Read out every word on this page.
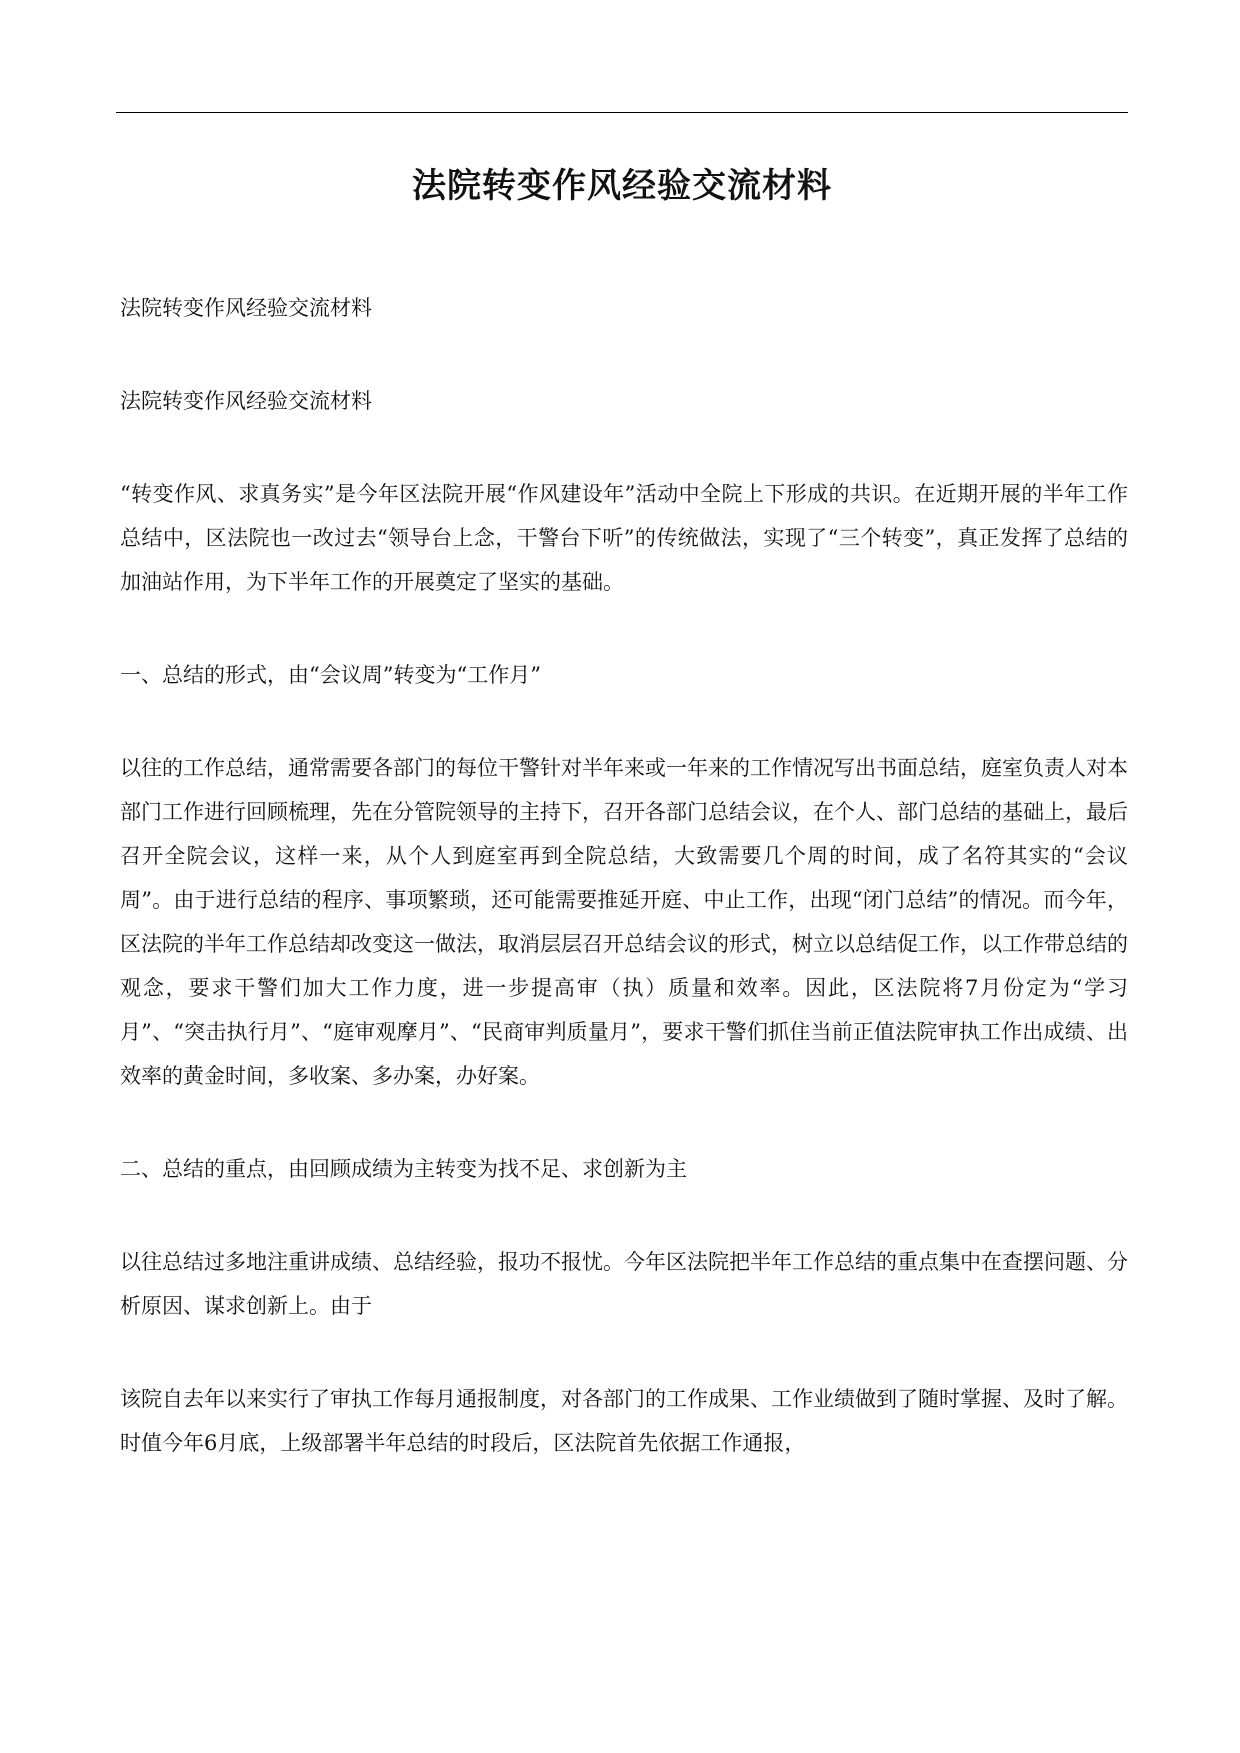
法院转变作风经验交流材料

法院转变作风经验交流材料

法院转变作风经验交流材料

“转变作风、求真务实”是今年区法院开展“作风建设年”活动中全院上下形成的共识。在近期开展的半年工作总结中，区法院也一改过去“领导台上念，干警台下听”的传统做法，实现了“三个转变”，真正发挥了总结的加油站作用，为下半年工作的开展奠定了坚实的基础。

一、总结的形式，由“会议周”转变为“工作月”

以往的工作总结，通常需要各部门的每位干警针对半年来或一年来的工作情况写出书面总结，庭室负责人对本部门工作进行回顾梳理，先在分管院领导的主持下，召开各部门总结会议，在个人、部门总结的基础上，最后召开全院会议，这样一来，从个人到庭室再到全院总结，大致需要几个周的时间，成了名符其实的“会议周”。由于进行总结的程序、事项繁琐，还可能需要推延开庭、中止工作，出现“闭门总结”的情况。而今年，区法院的半年工作总结却改变这一做法，取消层层召开总结会议的形式，树立以总结促工作，以工作带总结的观念，要求干警们加大工作力度，进一步提高审（执）质量和效率。因此，区法院将7月份定为“学习月”、“突击执行月”、“庭审观摩月”、“民商审判质量月”，要求干警们抓住当前正值法院审执工作出成绩、出效率的黄金时间，多收案、多办案，办好案。

二、总结的重点，由回顾成绩为主转变为找不足、求创新为主

以往总结过多地注重讲成绩、总结经验，报功不报忧。今年区法院把半年工作总结的重点集中在查摆问题、分析原因、谋求创新上。由于

该院自去年以来实行了审执工作每月通报制度，对各部门的工作成果、工作业绩做到了随时掌握、及时了解。时值今年6月底，上级部署半年总结的时段后，区法院首先依据工作通报，
